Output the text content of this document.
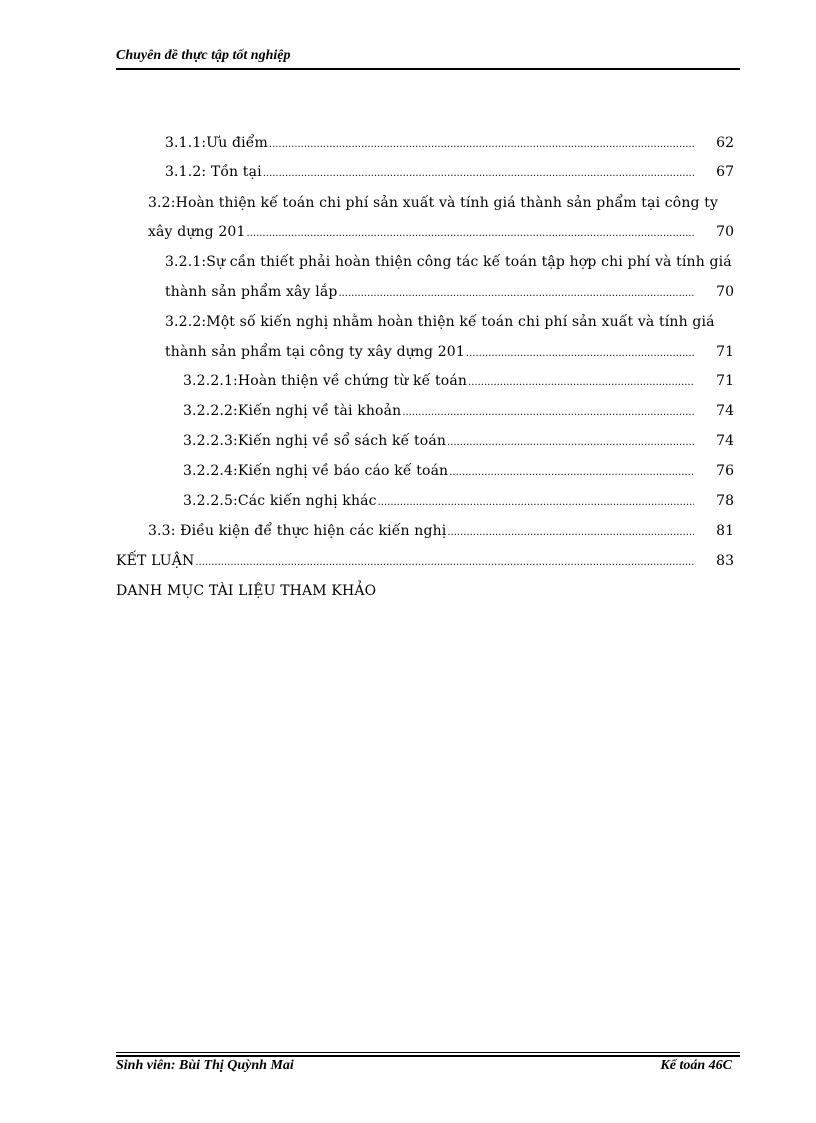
Chuyên đề thực tập tốt nghiệp
3.1.1:Ưu điểm .....	62
3.1.2: Tồn tại .....	67
3.2:Hoàn thiện kế toán chi phí sản xuất và tính giá thành sản phẩm tại công ty
xây dựng 201 .....	70
3.2.1:Sự cần thiết phải hoàn thiện công tác kế toán tập hợp chi phí và tính giá
thành sản phẩm xây lắp .....	70
3.2.2:Một số kiến nghị nhằm hoàn thiện kế toán chi phí sản xuất và tính giá
thành sản phẩm tại công ty xây dựng 201 .....	71
3.2.2.1:Hoàn thiện về chứng từ kế toán .....	71
3.2.2.2:Kiến nghị về tài khoản .....	74
3.2.2.3:Kiến nghị về sổ sách kế toán .....	74
3.2.2.4:Kiến nghị về báo cáo kế toán .....	76
3.2.2.5:Các kiến nghị khác .....	78
3.3: Điều kiện để thực hiện các kiến nghị .....	81
KẾT LUẬN .....	83
DANH MỤC TÀI LIỆU THAM KHẢO
Sinh viên: Bùi Thị Quỳnh Mai	Kế toán 46C
